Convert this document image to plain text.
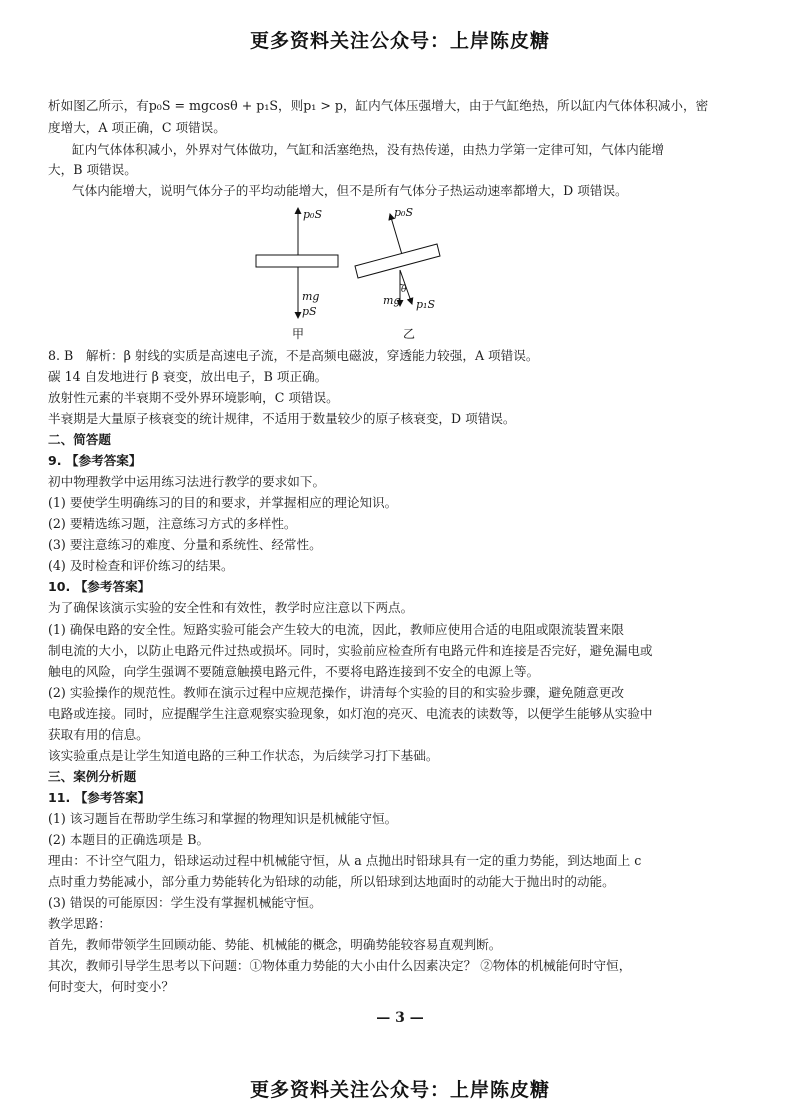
更多资料关注公众号：上岸陈皮糖
析如图乙所示，有p₀S = mgcosθ + p₁S，则p₁ > p，缸内气体压强增大，由于气缸绝热，所以缸内气体体积减小，密
度增大，A 项正确，C 项错误。
缸内气体体积减小，外界对气体做功，气缸和活塞绝热，没有热传递，由热力学第一定律可知，气体内能增
大，B 项错误。
气体内能增大，说明气体分子的平均动能增大，但不是所有气体分子热运动速率都增大，D 项错误。
p₀S
mg
pS
甲
p₀S
mg
θ
p₁S
乙
8. B　解析：β 射线的实质是高速电子流，不是高频电磁波，穿透能力较强，A 项错误。
碳 14 自发地进行 β 衰变，放出电子，B 项正确。
放射性元素的半衰期不受外界环境影响，C 项错误。
半衰期是大量原子核衰变的统计规律，不适用于数量较少的原子核衰变，D 项错误。
二、简答题
9. 【参考答案】
初中物理教学中运用练习法进行教学的要求如下。
(1) 要使学生明确练习的目的和要求，并掌握相应的理论知识。
(2) 要精选练习题，注意练习方式的多样性。
(3) 要注意练习的难度、分量和系统性、经常性。
(4) 及时检查和评价练习的结果。
10. 【参考答案】
为了确保该演示实验的安全性和有效性，教学时应注意以下两点。
(1) 确保电路的安全性。短路实验可能会产生较大的电流，因此，教师应使用合适的电阻或限流装置来限
制电流的大小，以防止电路元件过热或损坏。同时，实验前应检查所有电路元件和连接是否完好，避免漏电或
触电的风险，向学生强调不要随意触摸电路元件，不要将电路连接到不安全的电源上等。
(2) 实验操作的规范性。教师在演示过程中应规范操作，讲清每个实验的目的和实验步骤，避免随意更改
电路或连接。同时，应提醒学生注意观察实验现象，如灯泡的亮灭、电流表的读数等，以便学生能够从实验中
获取有用的信息。
该实验重点是让学生知道电路的三种工作状态，为后续学习打下基础。
三、案例分析题
11. 【参考答案】
(1) 该习题旨在帮助学生练习和掌握的物理知识是机械能守恒。
(2) 本题目的正确选项是 B。
理由：不计空气阻力，铅球运动过程中机械能守恒，从 a 点抛出时铅球具有一定的重力势能，到达地面上 c
点时重力势能减小，部分重力势能转化为铅球的动能，所以铅球到达地面时的动能大于抛出时的动能。
(3) 错误的可能原因：学生没有掌握机械能守恒。
教学思路：
首先，教师带领学生回顾动能、势能、机械能的概念，明确势能较容易直观判断。
其次，教师引导学生思考以下问题：①物体重力势能的大小由什么因素决定？ ②物体的机械能何时守恒，
何时变大，何时变小？
— 3 —
更多资料关注公众号：上岸陈皮糖
